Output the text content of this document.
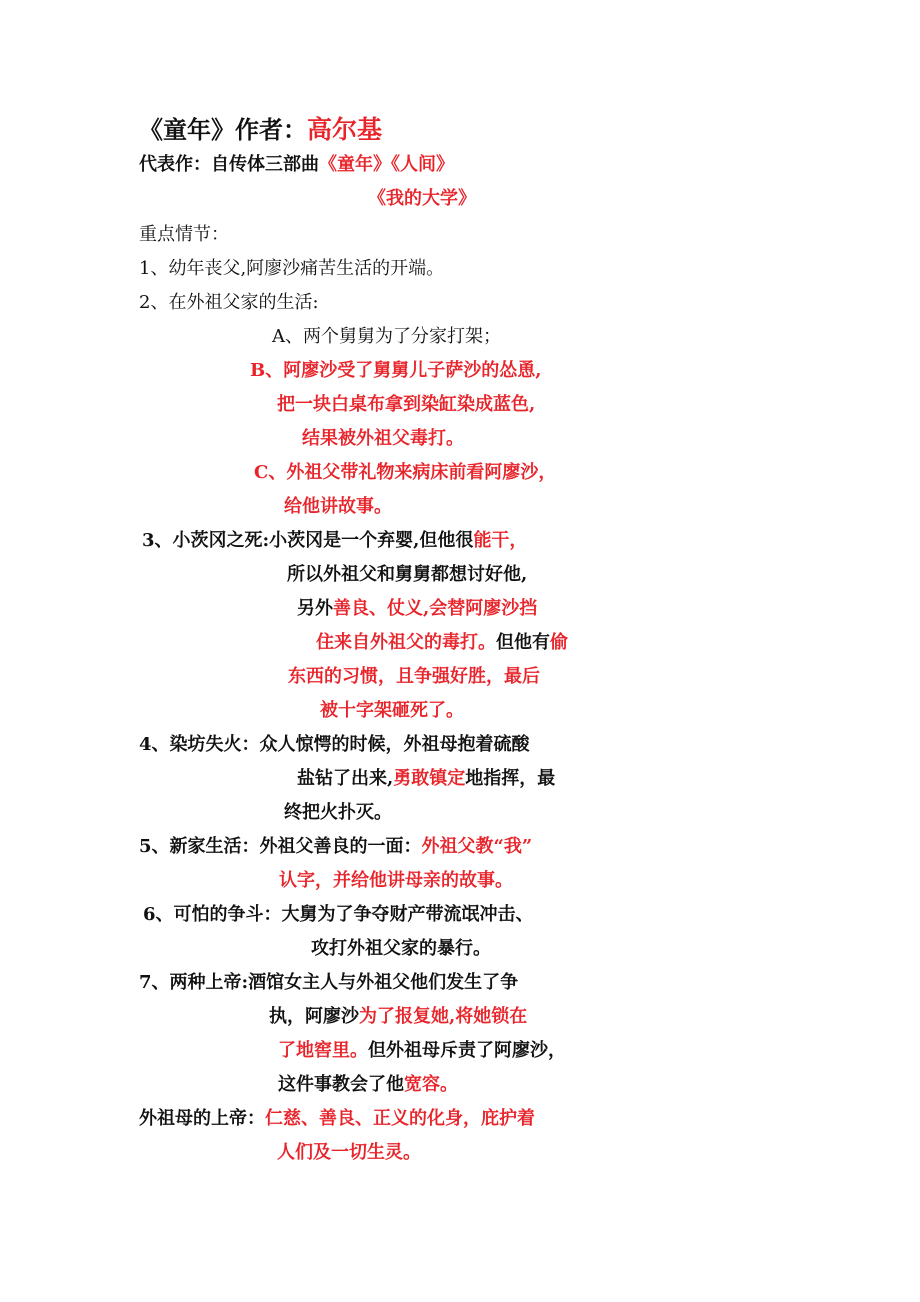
《童年》作者：高尔基
代表作：自传体三部曲《童年》《人间》
《我的大学》
重点情节：
1、幼年丧父,阿廖沙痛苦生活的开端。
2、在外祖父家的生活:
A、两个舅舅为了分家打架；
B、阿廖沙受了舅舅儿子萨沙的怂恿,
把一块白桌布拿到染缸染成蓝色,
结果被外祖父毒打。
C、外祖父带礼物来病床前看阿廖沙，
给他讲故事。
3、小茨冈之死:小茨冈是一个弃婴,但他很能干，
所以外祖父和舅舅都想讨好他,
另外善良、仗义,会替阿廖沙挡
住来自外祖父的毒打。但他有偷
东西的习惯，且争强好胜，最后
被十字架砸死了。
4、染坊失火：众人惊愕的时候，外祖母抱着硫酸
盐钻了出来,勇敢镇定地指挥，最
终把火扑灭。
5、新家生活：外祖父善良的一面：外祖父教“我”
认字，并给他讲母亲的故事。
6、可怕的争斗：大舅为了争夺财产带流氓冲击、
攻打外祖父家的暴行。
7、两种上帝:酒馆女主人与外祖父他们发生了争
执，阿廖沙为了报复她,将她锁在
了地窖里。但外祖母斥责了阿廖沙，
这件事教会了他宽容。
外祖母的上帝：仁慈、善良、正义的化身，庇护着
人们及一切生灵。
